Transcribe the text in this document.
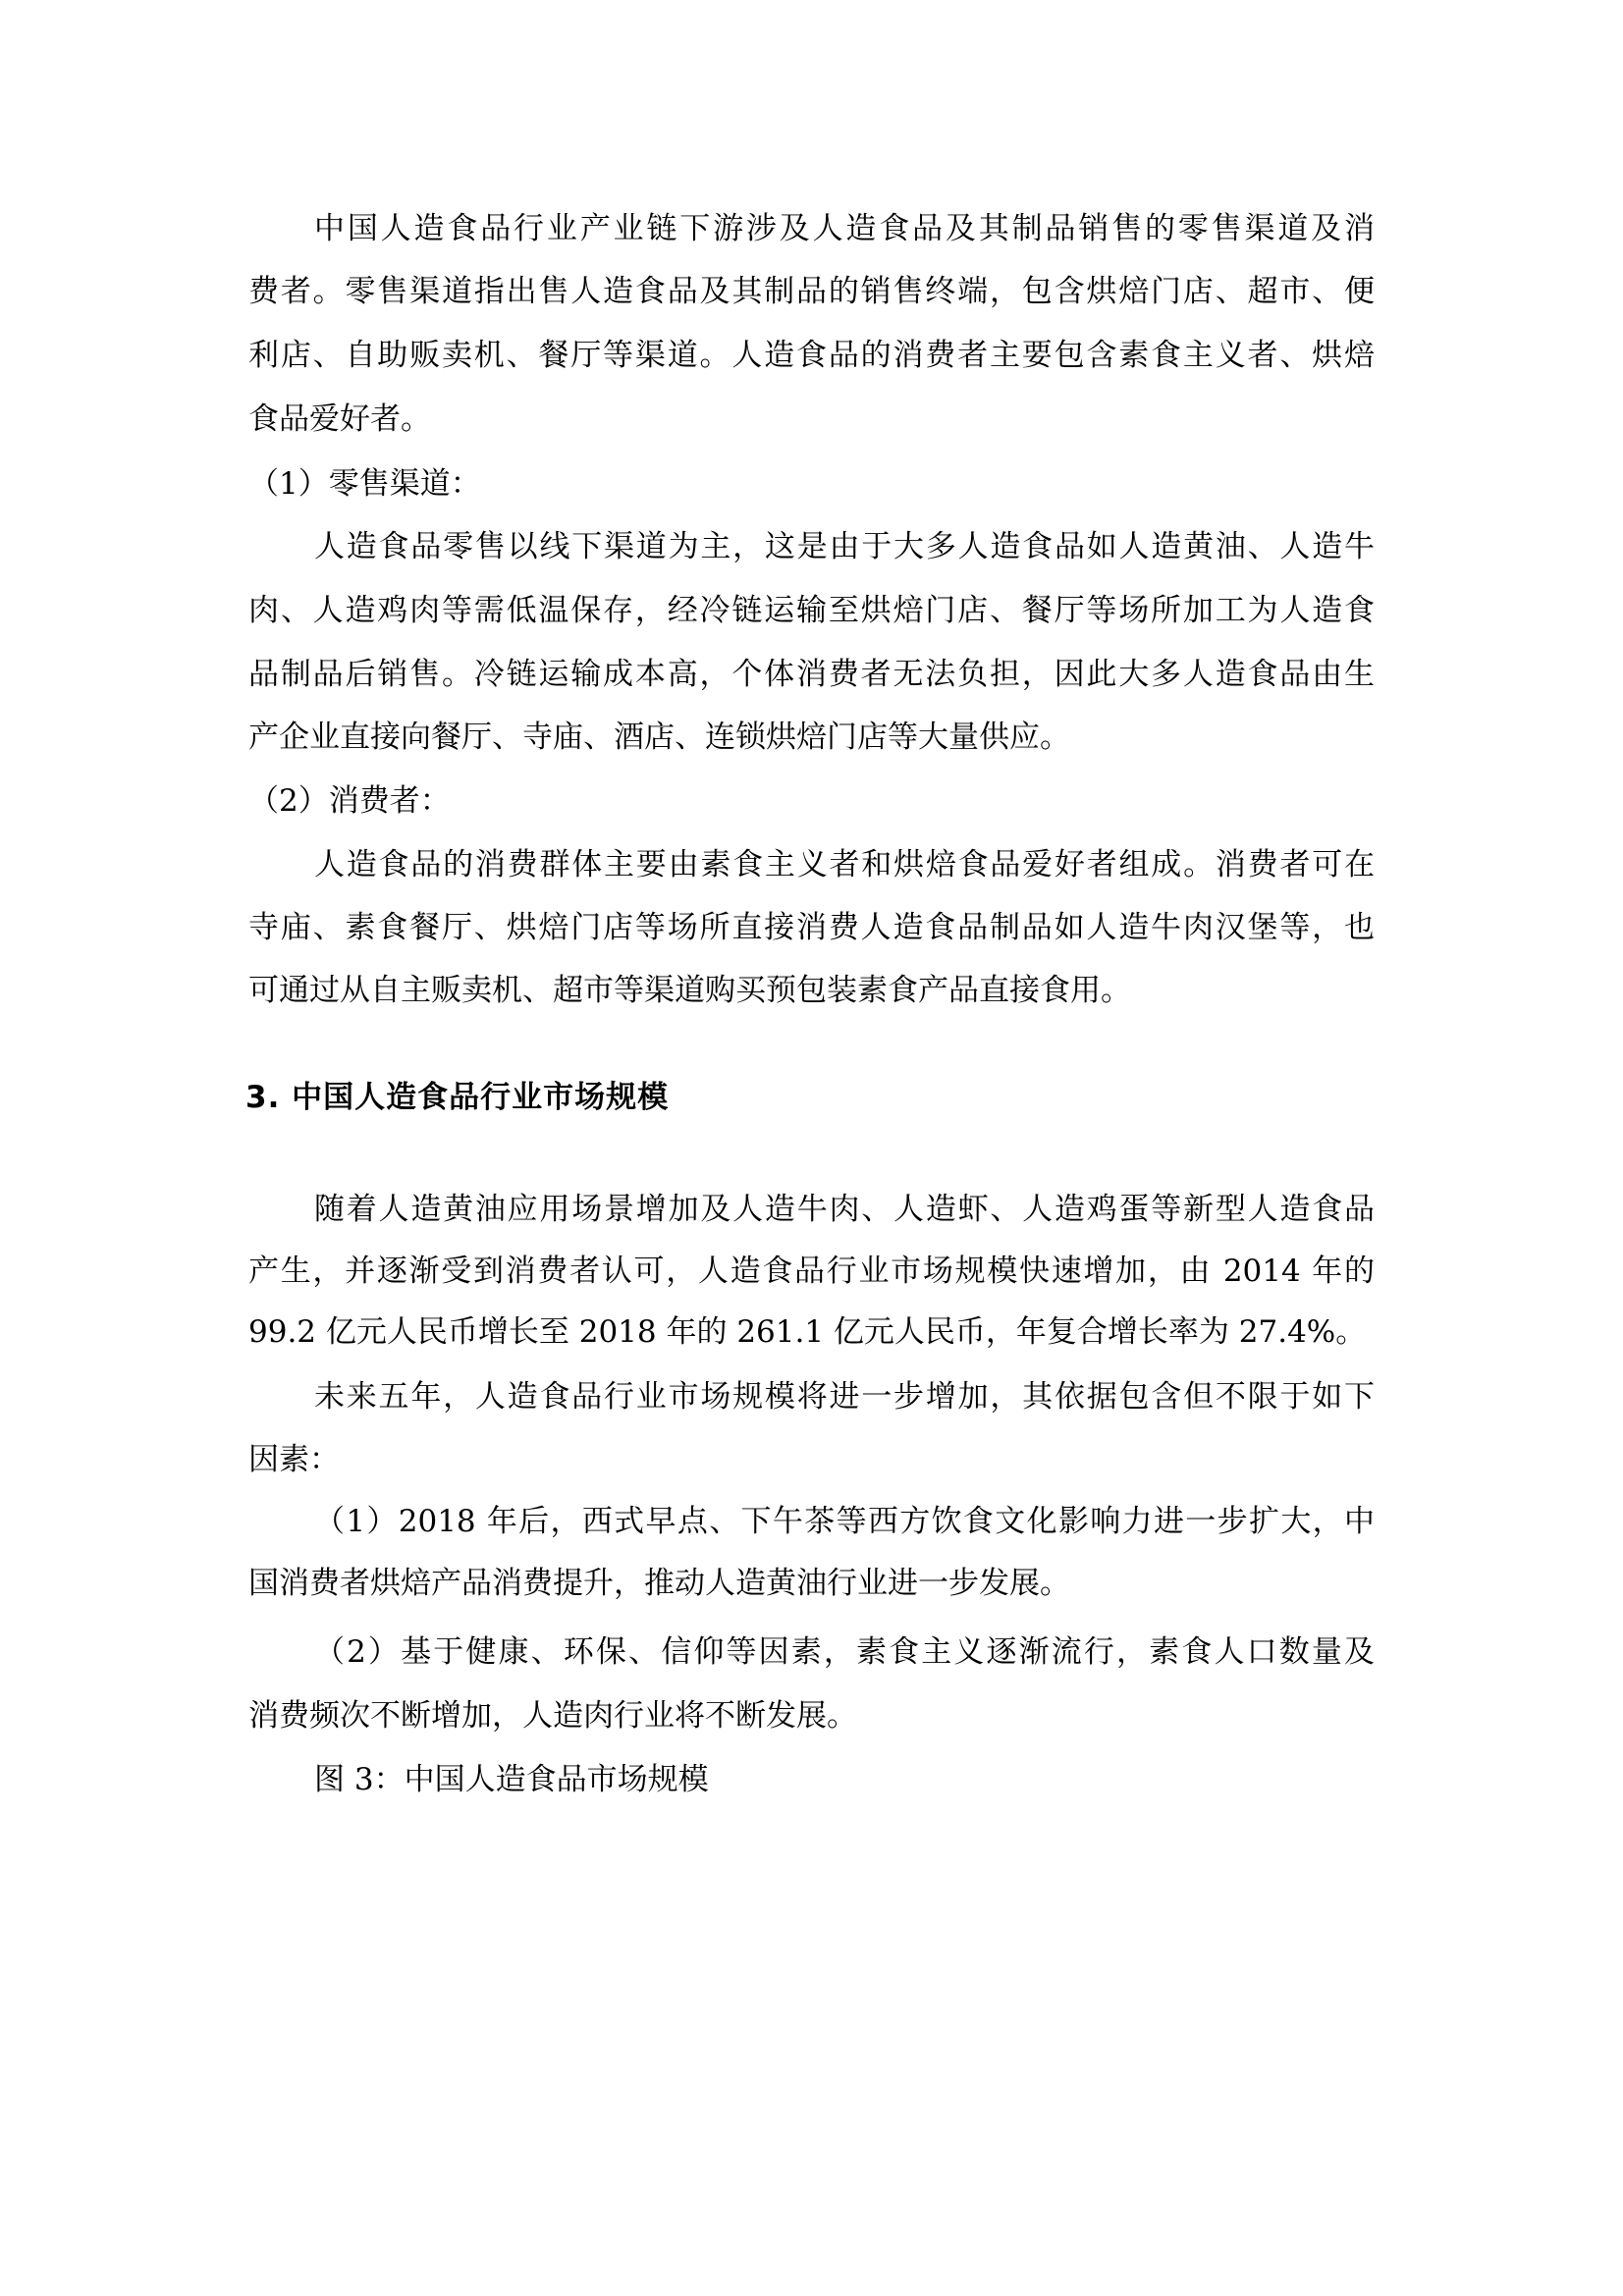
中国人造食品行业产业链下游涉及人造食品及其制品销售的零售渠道及消
费者。零售渠道指出售人造食品及其制品的销售终端，包含烘焙门店、超市、便
利店、自助贩卖机、餐厅等渠道。人造食品的消费者主要包含素食主义者、烘焙
食品爱好者。
（1）零售渠道：
人造食品零售以线下渠道为主，这是由于大多人造食品如人造黄油、人造牛
肉、人造鸡肉等需低温保存，经冷链运输至烘焙门店、餐厅等场所加工为人造食
品制品后销售。冷链运输成本高，个体消费者无法负担，因此大多人造食品由生
产企业直接向餐厅、寺庙、酒店、连锁烘焙门店等大量供应。
（2）消费者：
人造食品的消费群体主要由素食主义者和烘焙食品爱好者组成。消费者可在
寺庙、素食餐厅、烘焙门店等场所直接消费人造食品制品如人造牛肉汉堡等，也
可通过从自主贩卖机、超市等渠道购买预包装素食产品直接食用。
3. 中国人造食品行业市场规模
随着人造黄油应用场景增加及人造牛肉、人造虾、人造鸡蛋等新型人造食品
产生，并逐渐受到消费者认可，人造食品行业市场规模快速增加，由 2014 年的
99.2 亿元人民币增长至 2018 年的 261.1 亿元人民币，年复合增长率为 27.4%。
未来五年，人造食品行业市场规模将进一步增加，其依据包含但不限于如下
因素：
（1）2018 年后，西式早点、下午茶等西方饮食文化影响力进一步扩大，中
国消费者烘焙产品消费提升，推动人造黄油行业进一步发展。
（2）基于健康、环保、信仰等因素，素食主义逐渐流行，素食人口数量及
消费频次不断增加，人造肉行业将不断发展。
图 3：中国人造食品市场规模
